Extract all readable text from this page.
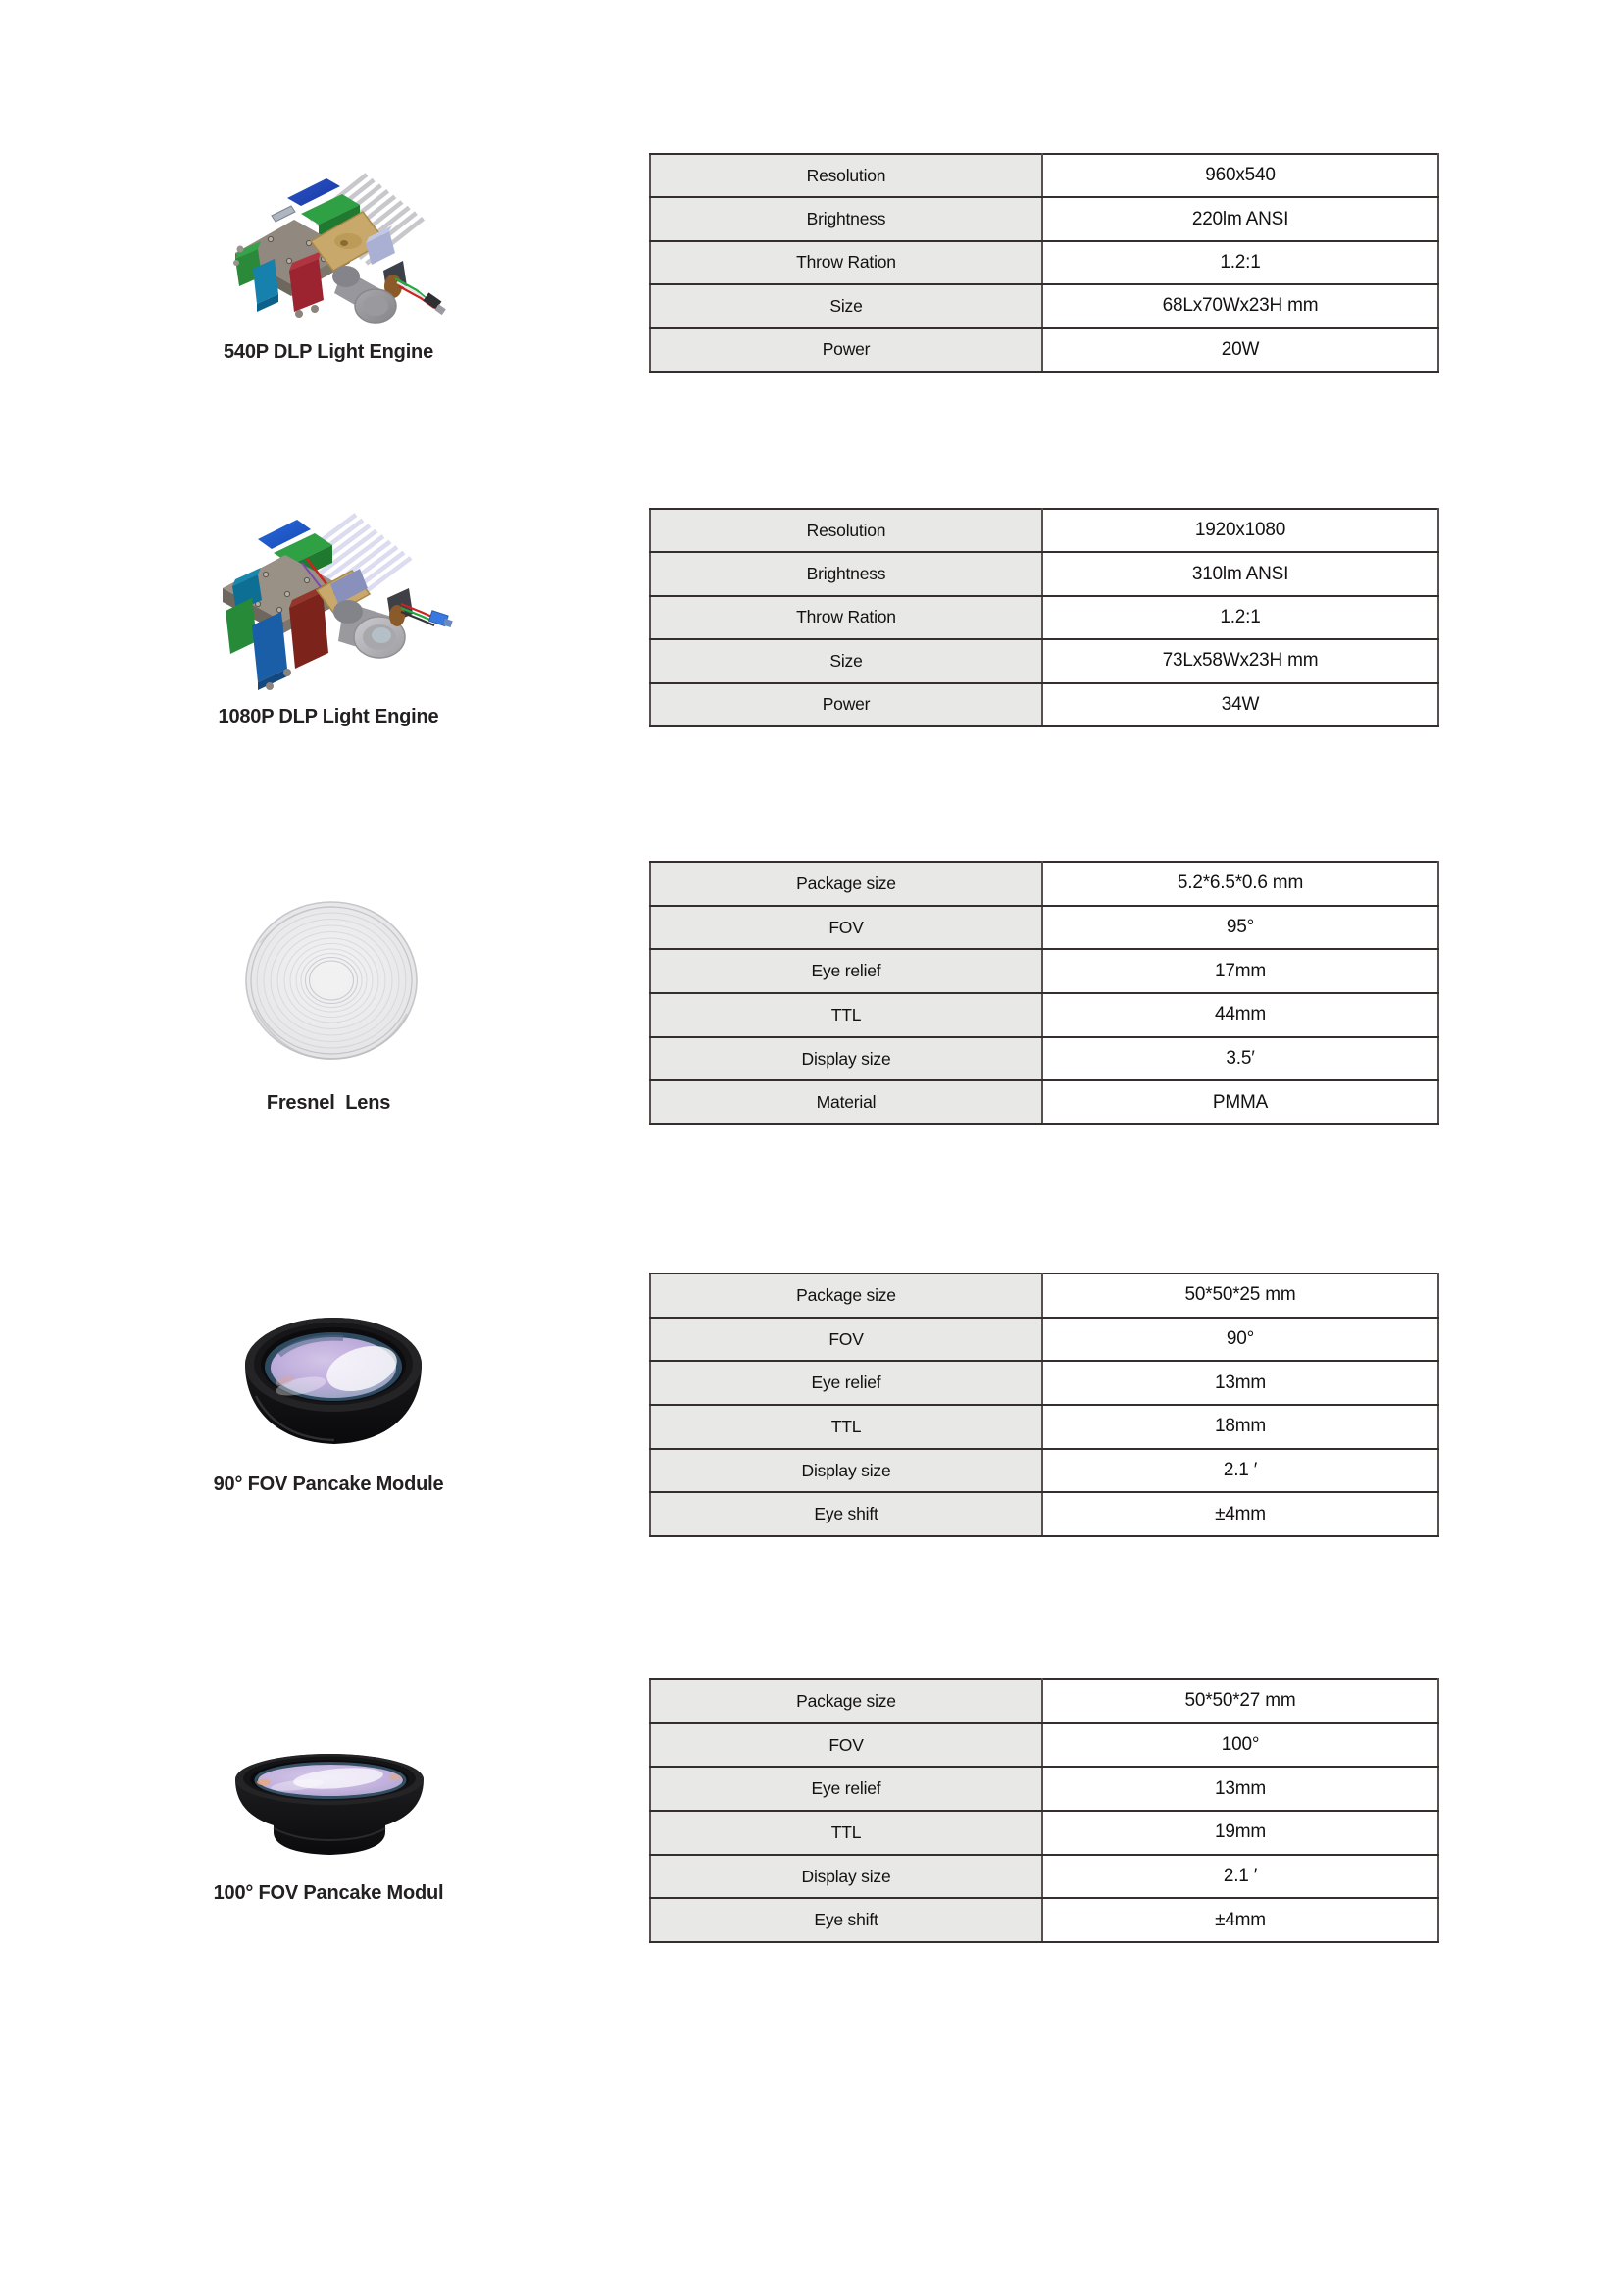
540P DLP Light Engine
Resolution	960x540
Brightness	220lm ANSI
Throw Ration	1.2:1
Size	68Lx70Wx23H mm
Power	20W
1080P DLP Light Engine
Resolution	1920x1080
Brightness	310lm ANSI
Throw Ration	1.2:1
Size	73Lx58Wx23H mm
Power	34W
Fresnel  Lens
Package size	5.2*6.5*0.6 mm
FOV	95°
Eye relief	17mm
TTL	44mm
Display size	3.5′
Material	PMMA
90° FOV Pancake Module
Package size	50*50*25 mm
FOV	90°
Eye relief	13mm
TTL	18mm
Display size	2.1 ′
Eye shift	±4mm
100° FOV Pancake Modul
Package size	50*50*27 mm
FOV	100°
Eye relief	13mm
TTL	19mm
Display size	2.1 ′
Eye shift	±4mm
